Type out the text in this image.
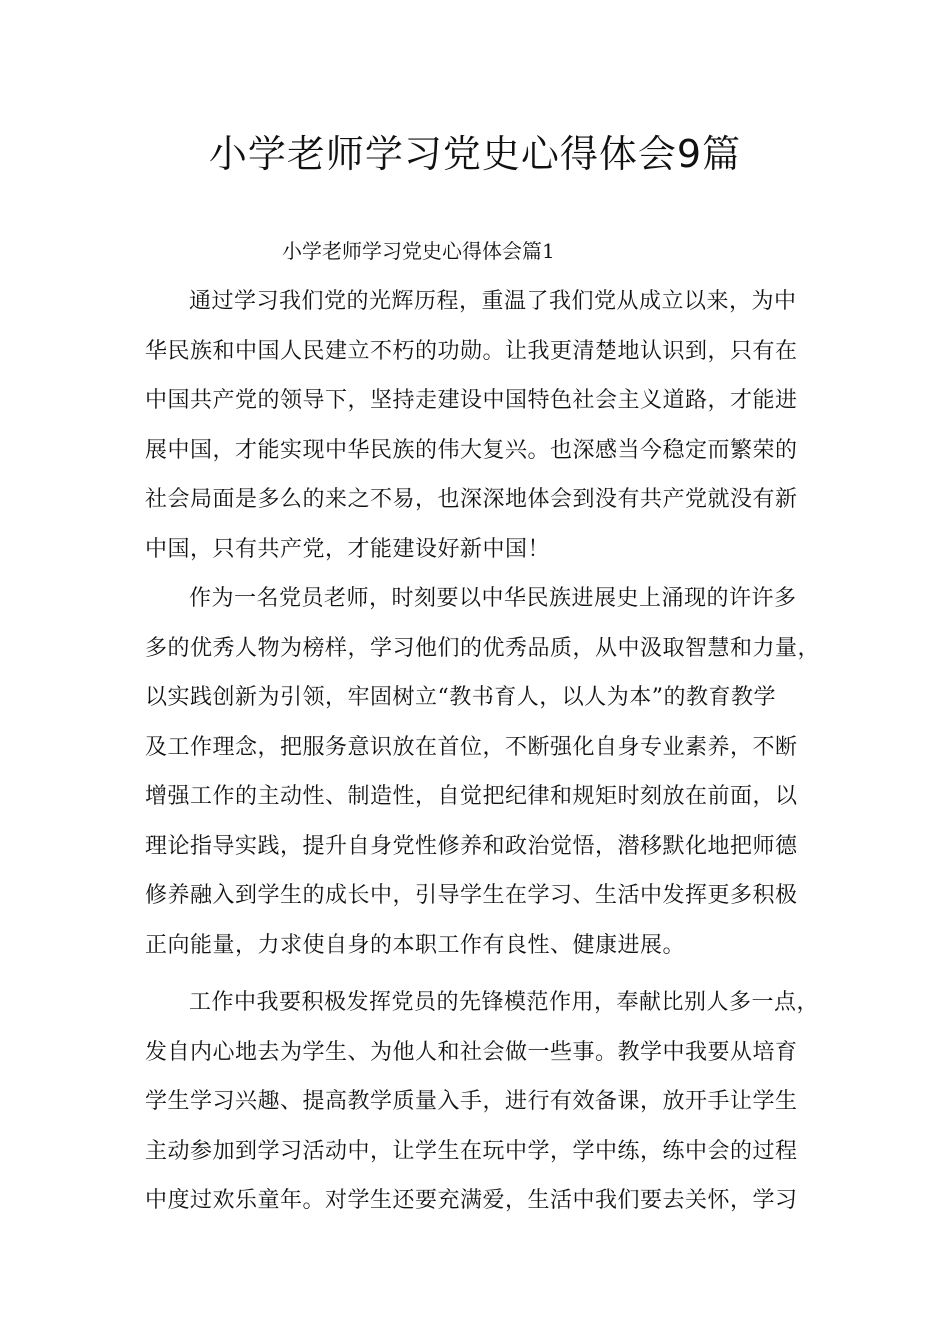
小学老师学习党史心得体会9篇
小学老师学习党史心得体会篇1
通过学习我们党的光辉历程，重温了我们党从成立以来，为中
华民族和中国人民建立不朽的功勋。让我更清楚地认识到，只有在
中国共产党的领导下，坚持走建设中国特色社会主义道路，才能进
展中国，才能实现中华民族的伟大复兴。也深感当今稳定而繁荣的
社会局面是多么的来之不易，也深深地体会到没有共产党就没有新
中国，只有共产党，才能建设好新中国！
作为一名党员老师，时刻要以中华民族进展史上涌现的许许多
多的优秀人物为榜样，学习他们的优秀品质，从中汲取智慧和力量，
以实践创新为引领，牢固树立“教书育人，以人为本”的教育教学
及工作理念，把服务意识放在首位，不断强化自身专业素养，不断
增强工作的主动性、制造性，自觉把纪律和规矩时刻放在前面，以
理论指导实践，提升自身党性修养和政治觉悟，潜移默化地把师德
修养融入到学生的成长中，引导学生在学习、生活中发挥更多积极
正向能量，力求使自身的本职工作有良性、健康进展。
工作中我要积极发挥党员的先锋模范作用，奉献比别人多一点，
发自内心地去为学生、为他人和社会做一些事。教学中我要从培育
学生学习兴趣、提高教学质量入手，进行有效备课，放开手让学生
主动参加到学习活动中，让学生在玩中学，学中练，练中会的过程
中度过欢乐童年。对学生还要充满爱，生活中我们要去关怀，学习
